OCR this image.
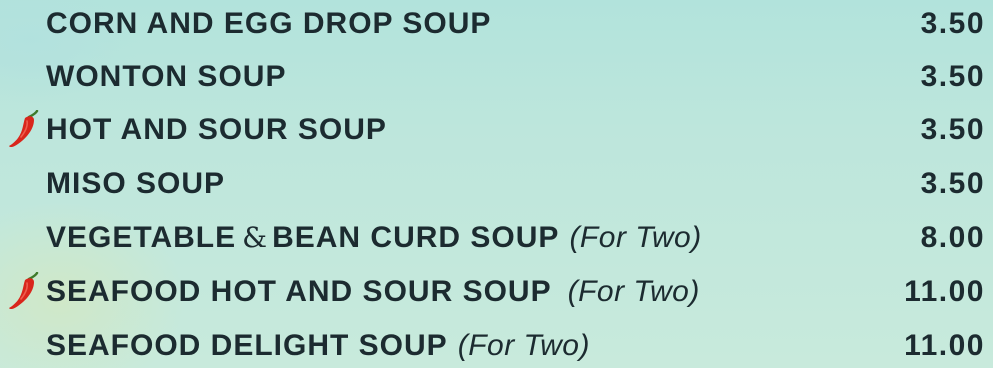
CORN AND EGG DROP SOUP	3.50
WONTON SOUP	3.50
HOT AND SOUR SOUP	3.50
MISO SOUP	3.50
VEGETABLE & BEAN CURD SOUP (For Two)	8.00
SEAFOOD HOT AND SOUR SOUP (For Two)	11.00
SEAFOOD DELIGHT SOUP (For Two)	11.00
